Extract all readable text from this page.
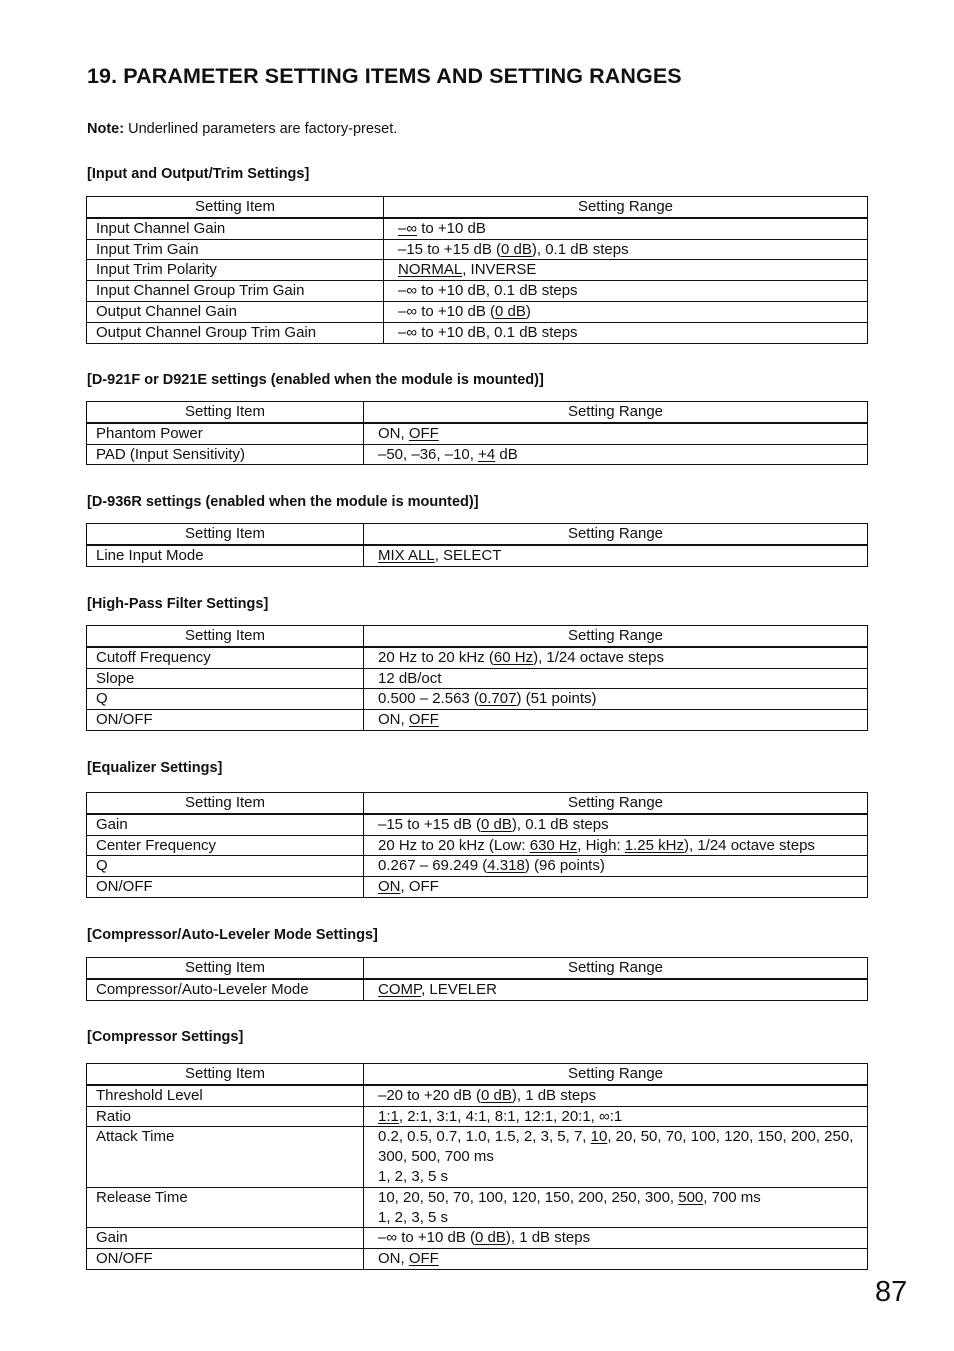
19. PARAMETER SETTING ITEMS AND SETTING RANGES
Note: Underlined parameters are factory-preset.
[Input and Output/Trim Settings]
Setting Item	Setting Range
Input Channel Gain	–∞ to +10 dB

Input Trim Gain	–15 to +15 dB (0 dB), 0.1 dB steps

Input Trim Polarity	NORMAL, INVERSE

Input Channel Group Trim Gain	–∞ to +10 dB, 0.1 dB steps

Output Channel Gain	–∞ to +10 dB (0 dB)

Output Channel Group Trim Gain	–∞ to +10 dB, 0.1 dB steps
[D-921F or D921E settings (enabled when the module is mounted)]
Setting Item	Setting Range
Phantom Power	ON, OFF

PAD (Input Sensitivity)	–50, –36, –10, +4 dB
[D-936R settings (enabled when the module is mounted)]
Setting Item	Setting Range
Line Input Mode	MIX ALL, SELECT
[High-Pass Filter Settings]
Setting Item	Setting Range
Cutoff Frequency	20 Hz to 20 kHz (60 Hz), 1/24 octave steps

Slope	12 dB/oct

Q	0.500 – 2.563 (0.707) (51 points)

ON/OFF	ON, OFF
[Equalizer Settings]
Setting Item	Setting Range
Gain	–15 to +15 dB (0 dB), 0.1 dB steps

Center Frequency	20 Hz to 20 kHz (Low: 630 Hz, High: 1.25 kHz), 1/24 octave steps

Q	0.267 – 69.249 (4.318) (96 points)

ON/OFF	ON, OFF
[Compressor/Auto-Leveler Mode Settings]
Setting Item	Setting Range
Compressor/Auto-Leveler Mode	COMP, LEVELER
[Compressor Settings]
Setting Item	Setting Range
Threshold Level	–20 to +20 dB (0 dB), 1 dB steps

Ratio	1:1, 2:1, 3:1, 4:1, 8:1, 12:1, 20:1, ∞:1

Attack Time	0.2, 0.5, 0.7, 1.0, 1.5, 2, 3, 5, 7, 10, 20, 50, 70, 100, 120, 150, 200, 250, 300, 500, 700 ms
1, 2, 3, 5 s

Release Time	10, 20, 50, 70, 100, 120, 150, 200, 250, 300, 500, 700 ms
1, 2, 3, 5 s

Gain	–∞ to +10 dB (0 dB), 1 dB steps

ON/OFF	ON, OFF
87
